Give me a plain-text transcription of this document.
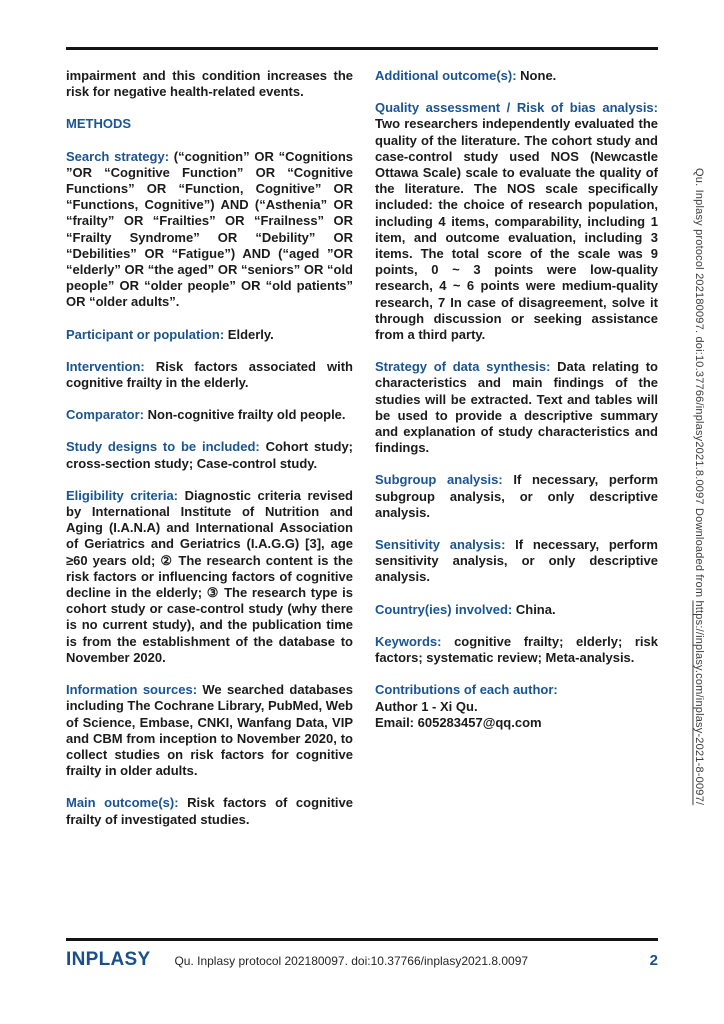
Qu. Inplasy protocol 202180097. doi:10.37766/inplasy2021.8.0097 Downloaded from https://inplasy.com/inplasy-2021-8-0097/

impairment and this condition increases the risk for negative health-related events.

METHODS

Search strategy: (“cognition” OR “Cognitions ”OR “Cognitive Function” OR “Cognitive Functions” OR “Function, Cognitive” OR “Functions, Cognitive”) AND (“Asthenia” OR “frailty” OR “Frailties” OR “Frailness” OR “Frailty Syndrome” OR “Debility” OR “Debilities” OR “Fatigue”) AND (“aged ”OR “elderly” OR “the aged” OR “seniors” OR “old people” OR “older people” OR “old patients” OR “older adults”.

Participant or population: Elderly.

Intervention: Risk factors associated with cognitive frailty in the elderly.

Comparator: Non-cognitive frailty old people.

Study designs to be included: Cohort study; cross-section study; Case-control study.

Eligibility criteria: Diagnostic criteria revised by International Institute of Nutrition and Aging (I.A.N.A) and International Association of Geriatrics and Geriatrics (I.A.G.G) [3], age ≥60 years old; ② The research content is the risk factors or influencing factors of cognitive decline in the elderly; ③ The research type is cohort study or case-control study (why there is no current study), and the publication time is from the establishment of the database to November 2020.

Information sources: We searched databases including The Cochrane Library, PubMed, Web of Science, Embase, CNKI, Wanfang Data, VIP and CBM from inception to November 2020, to collect studies on risk factors for cognitive frailty in older adults.

Main outcome(s): Risk factors of cognitive frailty of investigated studies.

Additional outcome(s): None.

Quality assessment / Risk of bias analysis: Two researchers independently evaluated the quality of the literature. The cohort study and case-control study used NOS (Newcastle Ottawa Scale) scale to evaluate the quality of the literature. The NOS scale specifically included: the choice of research population, including 4 items, comparability, including 1 item, and outcome evaluation, including 3 items. The total score of the scale was 9 points, 0 ~ 3 points were low-quality research, 4 ~ 6 points were medium-quality research, 7 In case of disagreement, solve it through discussion or seeking assistance from a third party.

Strategy of data synthesis: Data relating to characteristics and main findings of the studies will be extracted. Text and tables will be used to provide a descriptive summary and explanation of study characteristics and findings.

Subgroup analysis: If necessary, perform subgroup analysis, or only descriptive analysis.

Sensitivity analysis: If necessary, perform sensitivity analysis, or only descriptive analysis.

Country(ies) involved: China.

Keywords: cognitive frailty; elderly; risk factors; systematic review; Meta-analysis.

Contributions of each author:
Author 1 - Xi Qu.
Email: 605283457@qq.com

INPLASY Qu. Inplasy protocol 202180097. doi:10.37766/inplasy2021.8.0097	2
